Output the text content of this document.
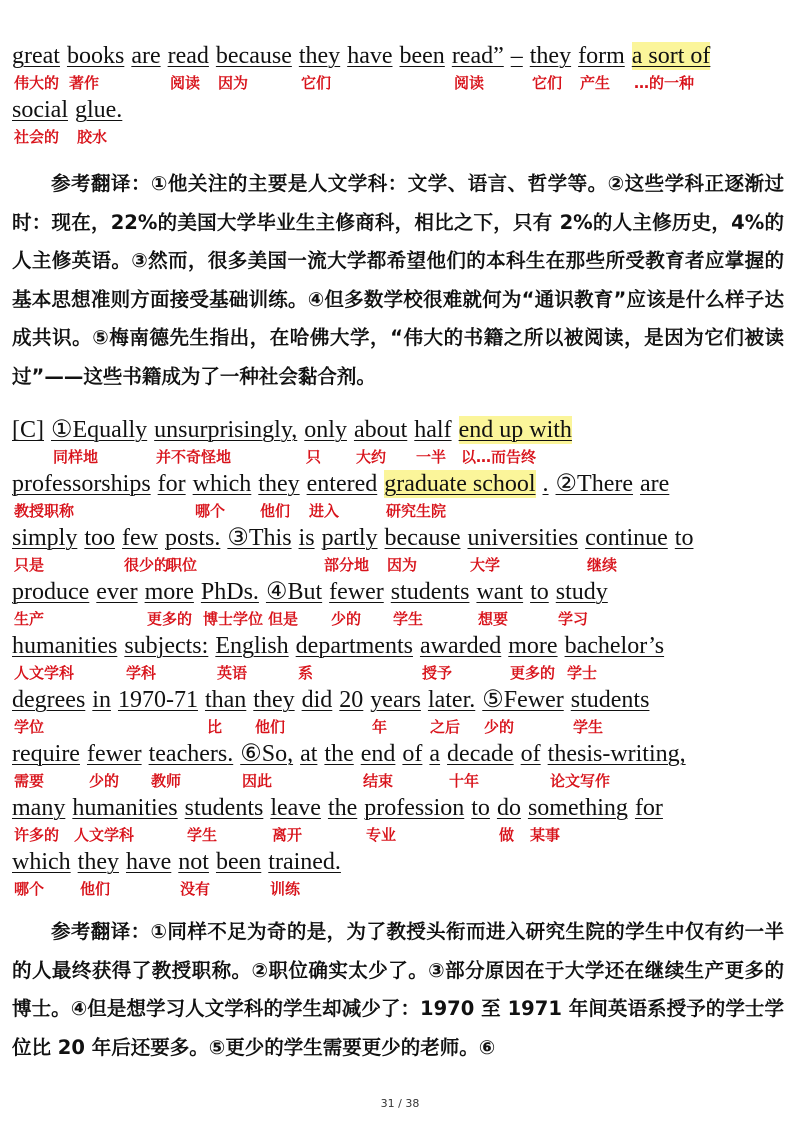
great books are read because they have been read” – they form a sort of
伟大的 著作	阅读 因为	它们	阅读	它们 产生 …的一种
social glue.
社会的 胶水

参考翻译：①他关注的主要是人文学科：文学、语言、哲学等。②这些学科正逐渐过时：现在，22%的美国大学毕业生主修商科，相比之下，只有 2%的人主修历史，4%的人主修英语。③然而，很多美国一流大学都希望他们的本科生在那些所受教育者应掌握的基本思想准则方面接受基础训练。④但多数学校很难就何为“通识教育”应该是什么样子达成共识。⑤梅南德先生指出，在哈佛大学，“伟大的书籍之所以被阅读，是因为它们被读过”——这些书籍成为了一种社会黏合剂。

[C] ①Equally unsurprisingly, only about half end up with
同样地	并不奇怪地	只 大约 一半 以…而告终
professorships for which they entered graduate school . ②There are
教授职称	哪个 他们 进入	研究生院
simply too few posts. ③This is partly because universities continue to
只是	很少的
职位	部分地 因为	大学	继续
produce ever more PhDs. ④But fewer students want to study
生产	更多的 博士学位 但是 少的 学生	想要	学习
humanities subjects: English departments awarded more bachelor’s
人文学科	学科	英语	系	授予	更多的 学士
degrees in 1970-71 than they did 20 years later. ⑤Fewer students
学位	比 他们	年	之后 少的	学生
require fewer teachers. ⑥So, at the end of a decade of thesis-writing,
需要	少的 教师	因此	结束	十年	论文写作
many humanities students leave the profession to do something for
许多的 人文学科	学生	离开	专业	做 某事
which they have not been trained.
哪个 他们	没有	训练

参考翻译：①同样不足为奇的是，为了教授头衔而进入研究生院的学生中仅有约一半的人最终获得了教授职称。②职位确实太少了。③部分原因在于大学还在继续生产更多的博士。④但是想学习人文学科的学生却减少了：1970 至 1971 年间英语系授予的学士学位比 20 年后还要多。⑤更少的学生需要更少的老师。⑥

31 / 38
